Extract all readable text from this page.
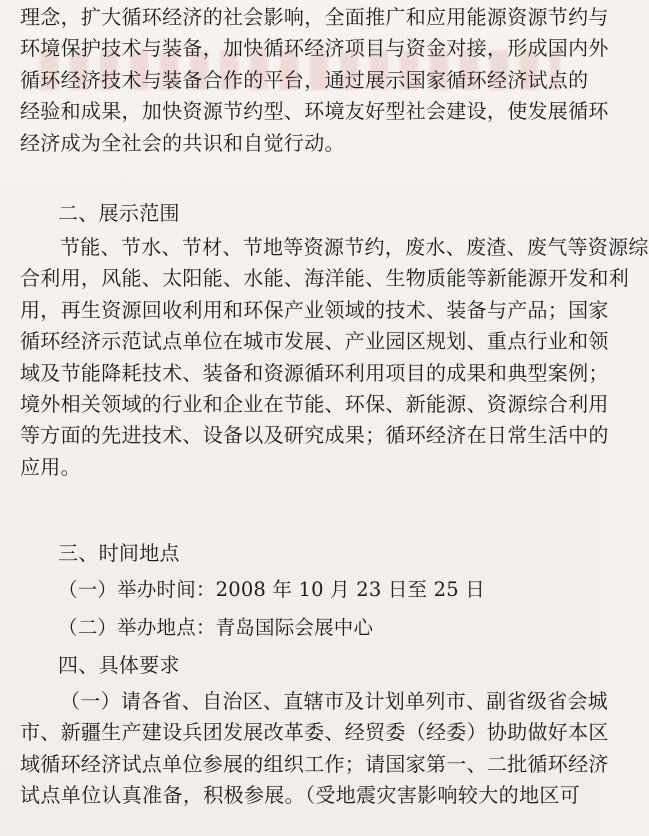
理念，扩大循环经济的社会影响，全面推广和应用能源资源节约与
环境保护技术与装备，加快循环经济项目与资金对接，形成国内外
循环经济技术与装备合作的平台，通过展示国家循环经济试点的
经验和成果，加快资源节约型、环境友好型社会建设，使发展循环
经济成为全社会的共识和自觉行动。

二、展示范围

节能、节水、节材、节地等资源节约，废水、废渣、废气等资源综
合利用，风能、太阳能、水能、海洋能、生物质能等新能源开发和利
用，再生资源回收利用和环保产业领域的技术、装备与产品；国家
循环经济示范试点单位在城市发展、产业园区规划、重点行业和领
域及节能降耗技术、装备和资源循环利用项目的成果和典型案例；
境外相关领域的行业和企业在节能、环保、新能源、资源综合利用
等方面的先进技术、设备以及研究成果；循环经济在日常生活中的
应用。

三、时间地点

（一）举办时间：2008 年 10 月 23 日至 25 日

（二）举办地点：青岛国际会展中心

四、具体要求

（一）请各省、自治区、直辖市及计划单列市、副省级省会城
市、新疆生产建设兵团发展改革委、经贸委（经委）协助做好本区
域循环经济试点单位参展的组织工作；请国家第一、二批循环经济
试点单位认真准备，积极参展。（受地震灾害影响较大的地区可
